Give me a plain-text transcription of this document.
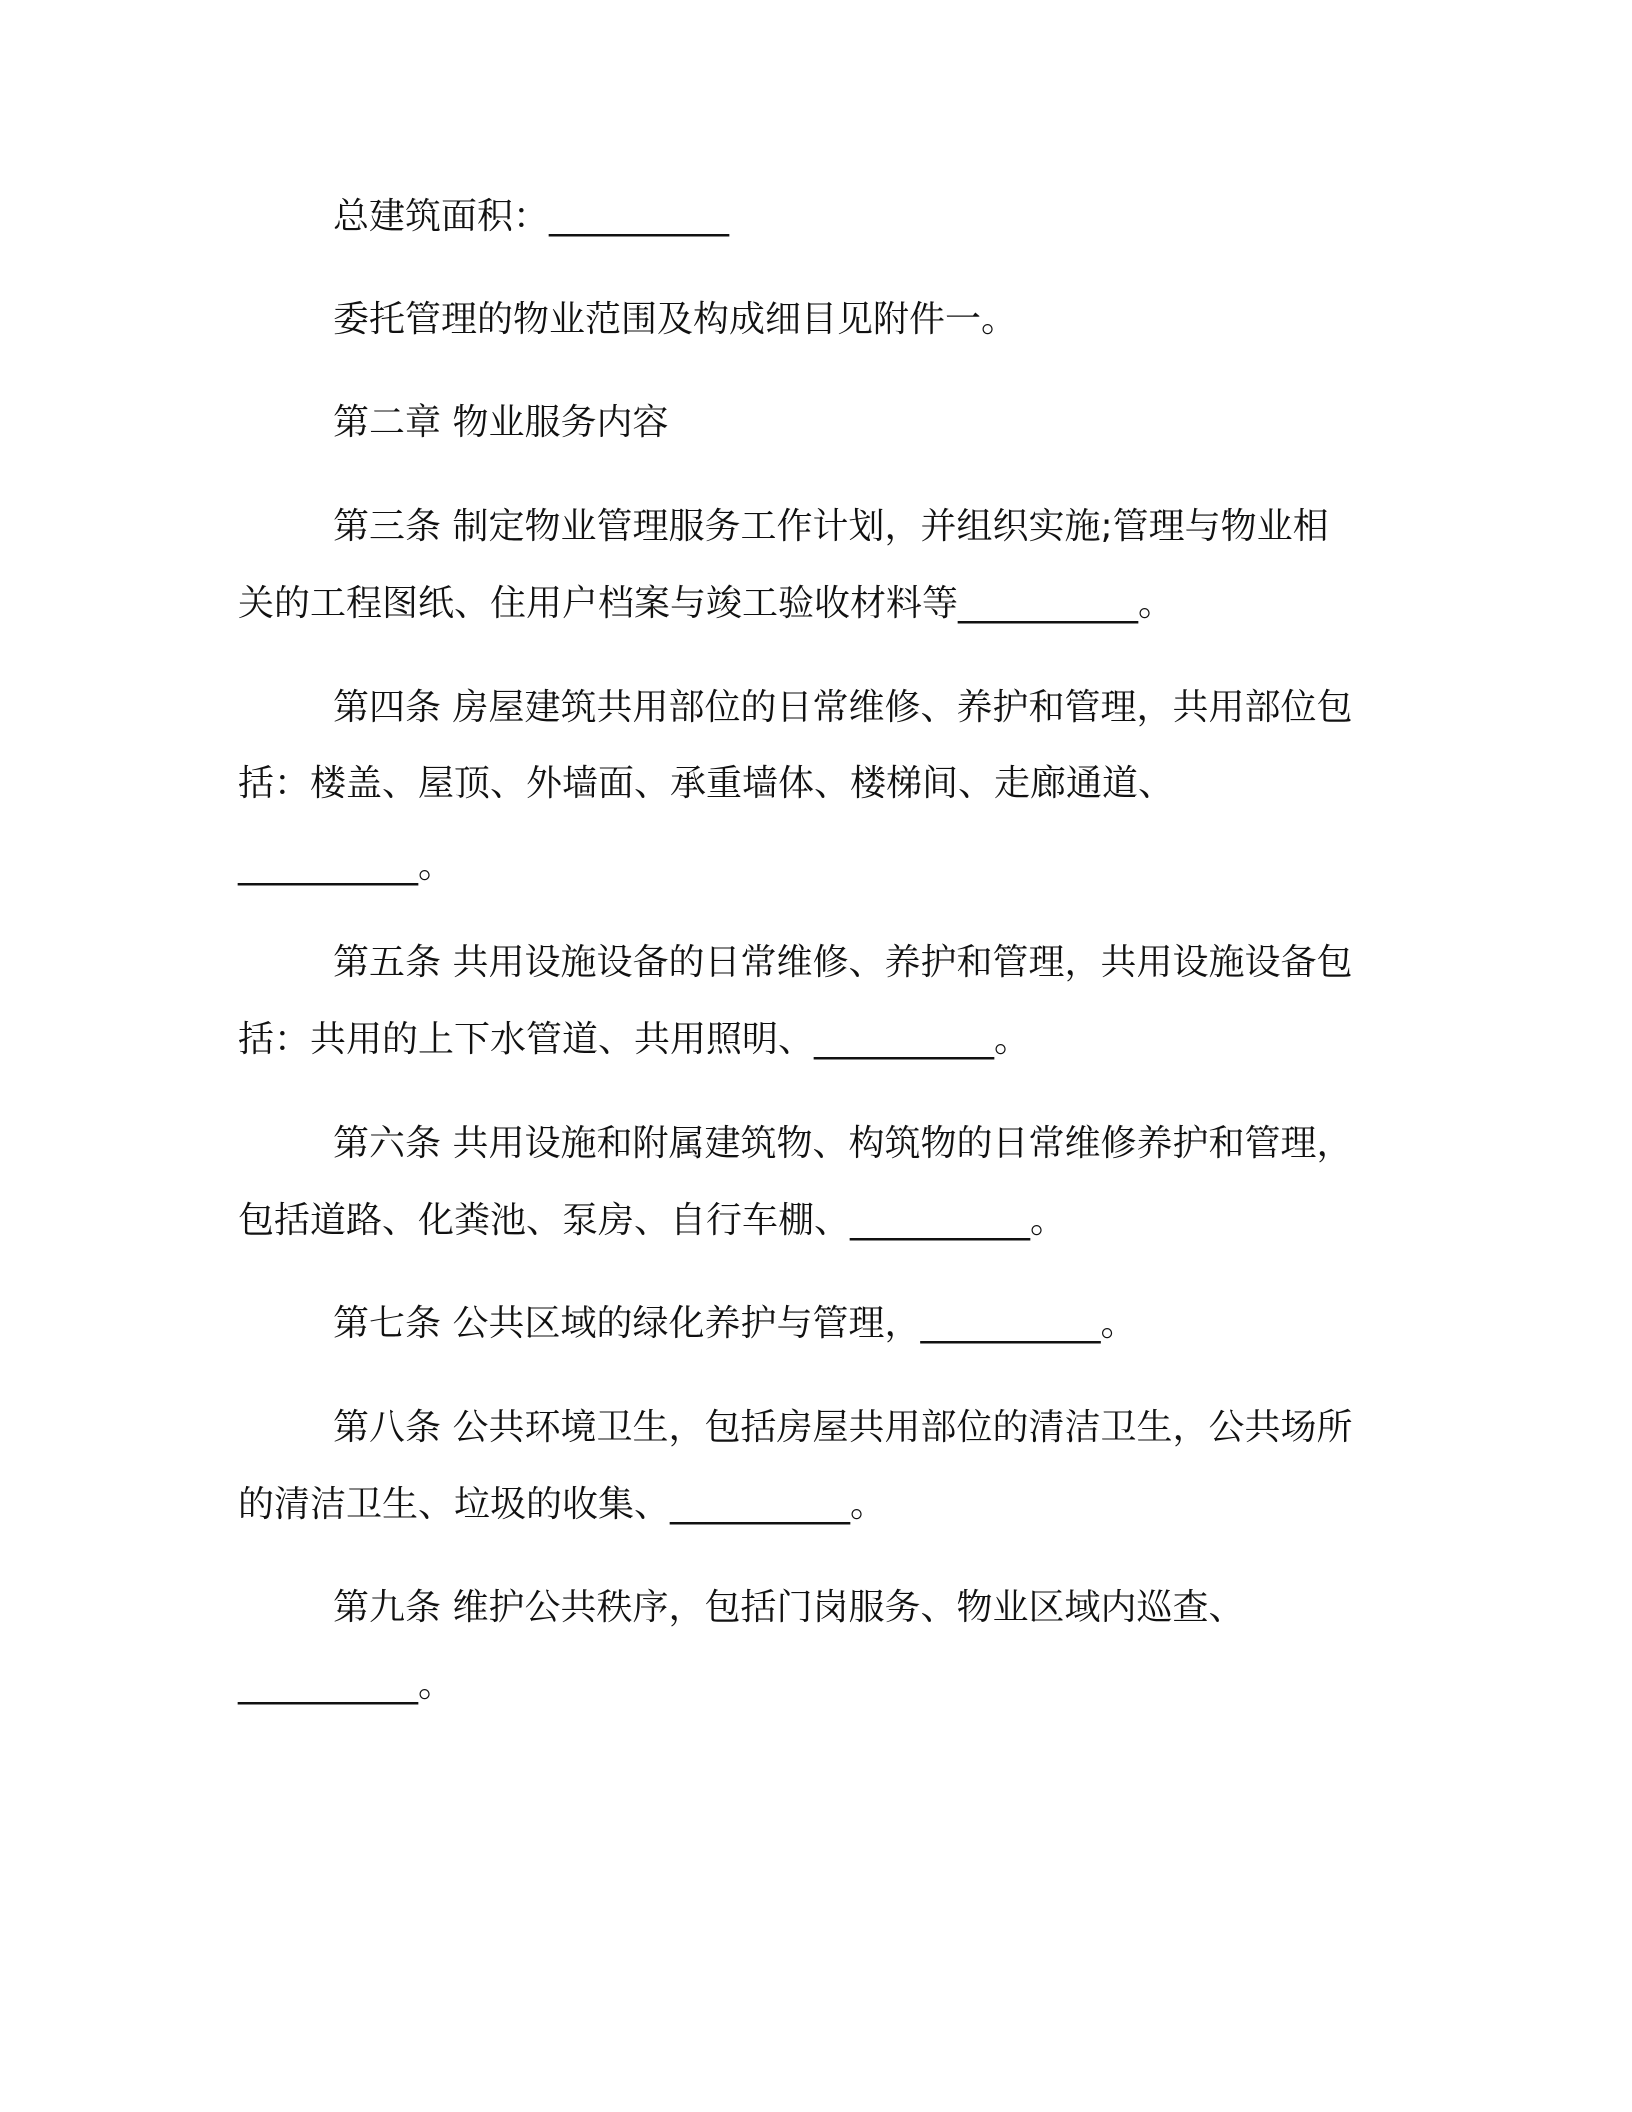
总建筑面积：__________
委托管理的物业范围及构成细目见附件一。
第二章 物业服务内容
第三条 制定物业管理服务工作计划，并组织实施;管理与物业相
关的工程图纸、住用户档案与竣工验收材料等__________。
第四条 房屋建筑共用部位的日常维修、养护和管理，共用部位包
括：楼盖、屋顶、外墙面、承重墙体、楼梯间、走廊通道、
__________。
第五条 共用设施设备的日常维修、养护和管理，共用设施设备包
括：共用的上下水管道、共用照明、__________。
第六条 共用设施和附属建筑物、构筑物的日常维修养护和管理，
包括道路、化粪池、泵房、自行车棚、__________。
第七条 公共区域的绿化养护与管理，__________。
第八条 公共环境卫生，包括房屋共用部位的清洁卫生，公共场所
的清洁卫生、垃圾的收集、__________。
第九条 维护公共秩序，包括门岗服务、物业区域内巡查、
__________。
